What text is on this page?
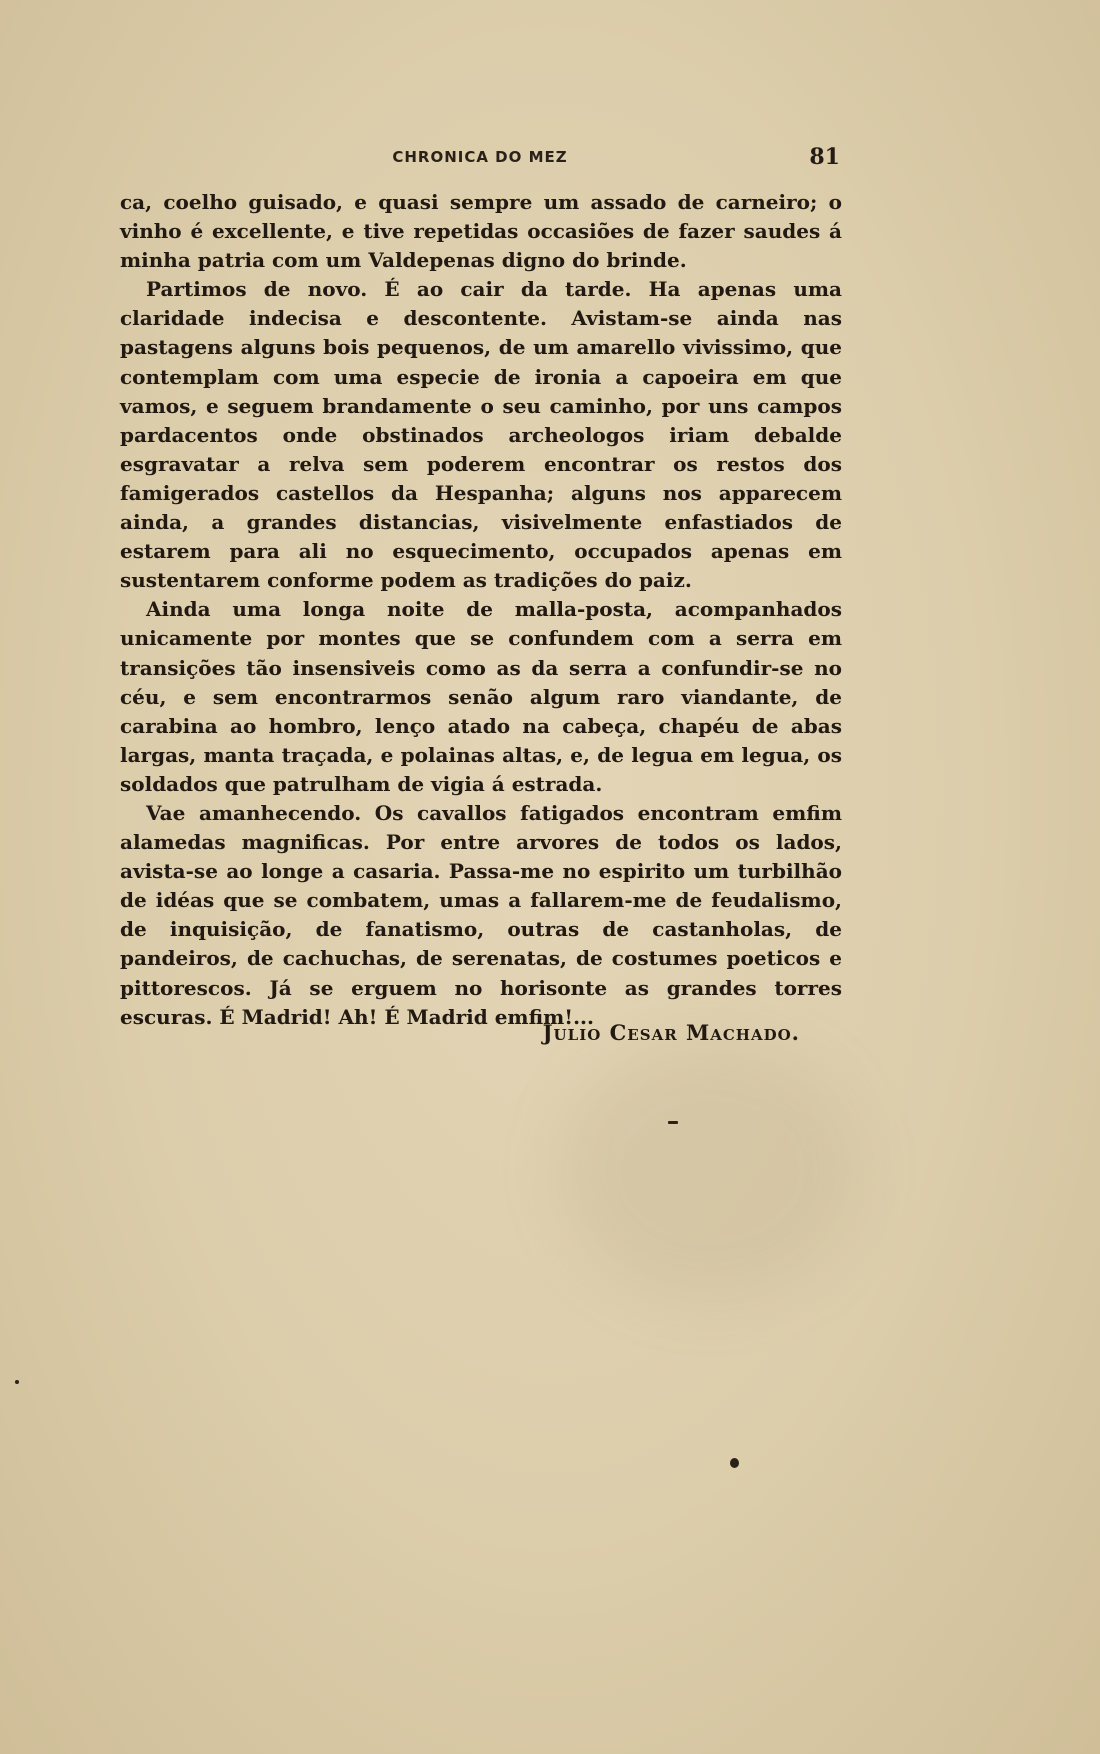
CHRONICA DO MEZ	81

ca, coelho guisado, e quasi sempre um assado de carneiro; o vinho é excellente, e tive repetidas occasiões de fazer saudes á minha patria com um Valdepenas digno do brinde.

Partimos de novo. É ao cair da tarde. Ha apenas uma claridade indecisa e descontente. Avistam-se ainda nas pastagens alguns bois pequenos, de um amarello vivissimo, que contemplam com uma especie de ironia a capoeira em que vamos, e seguem brandamente o seu caminho, por uns campos pardacentos onde obstinados archeologos iriam debalde esgravatar a relva sem poderem encontrar os restos dos famigerados castellos da Hespanha; alguns nos apparecem ainda, a grandes distancias, visivelmente enfastiados de estarem para ali no esquecimento, occupados apenas em sustentarem conforme podem as tradições do paiz.

Ainda uma longa noite de malla-posta, acompanhados unicamente por montes que se confundem com a serra em transições tão insensiveis como as da serra a confundir-se no céu, e sem encontrarmos senão algum raro viandante, de carabina ao hombro, lenço atado na cabeça, chapéu de abas largas, manta traçada, e polainas altas, e, de legua em legua, os soldados que patrulham de vigia á estrada.

Vae amanhecendo. Os cavallos fatigados encontram emfim alamedas magnificas. Por entre arvores de todos os lados, avista-se ao longe a casaria. Passa-me no espirito um turbilhão de idéas que se combatem, umas a fallarem-me de feudalismo, de inquisição, de fanatismo, outras de castanholas, de pandeiros, de cachuchas, de serenatas, de costumes poeticos e pittorescos. Já se erguem no horisonte as grandes torres escuras. É Madrid! Ah! É Madrid emfim!...

Julio Cesar Machado.
